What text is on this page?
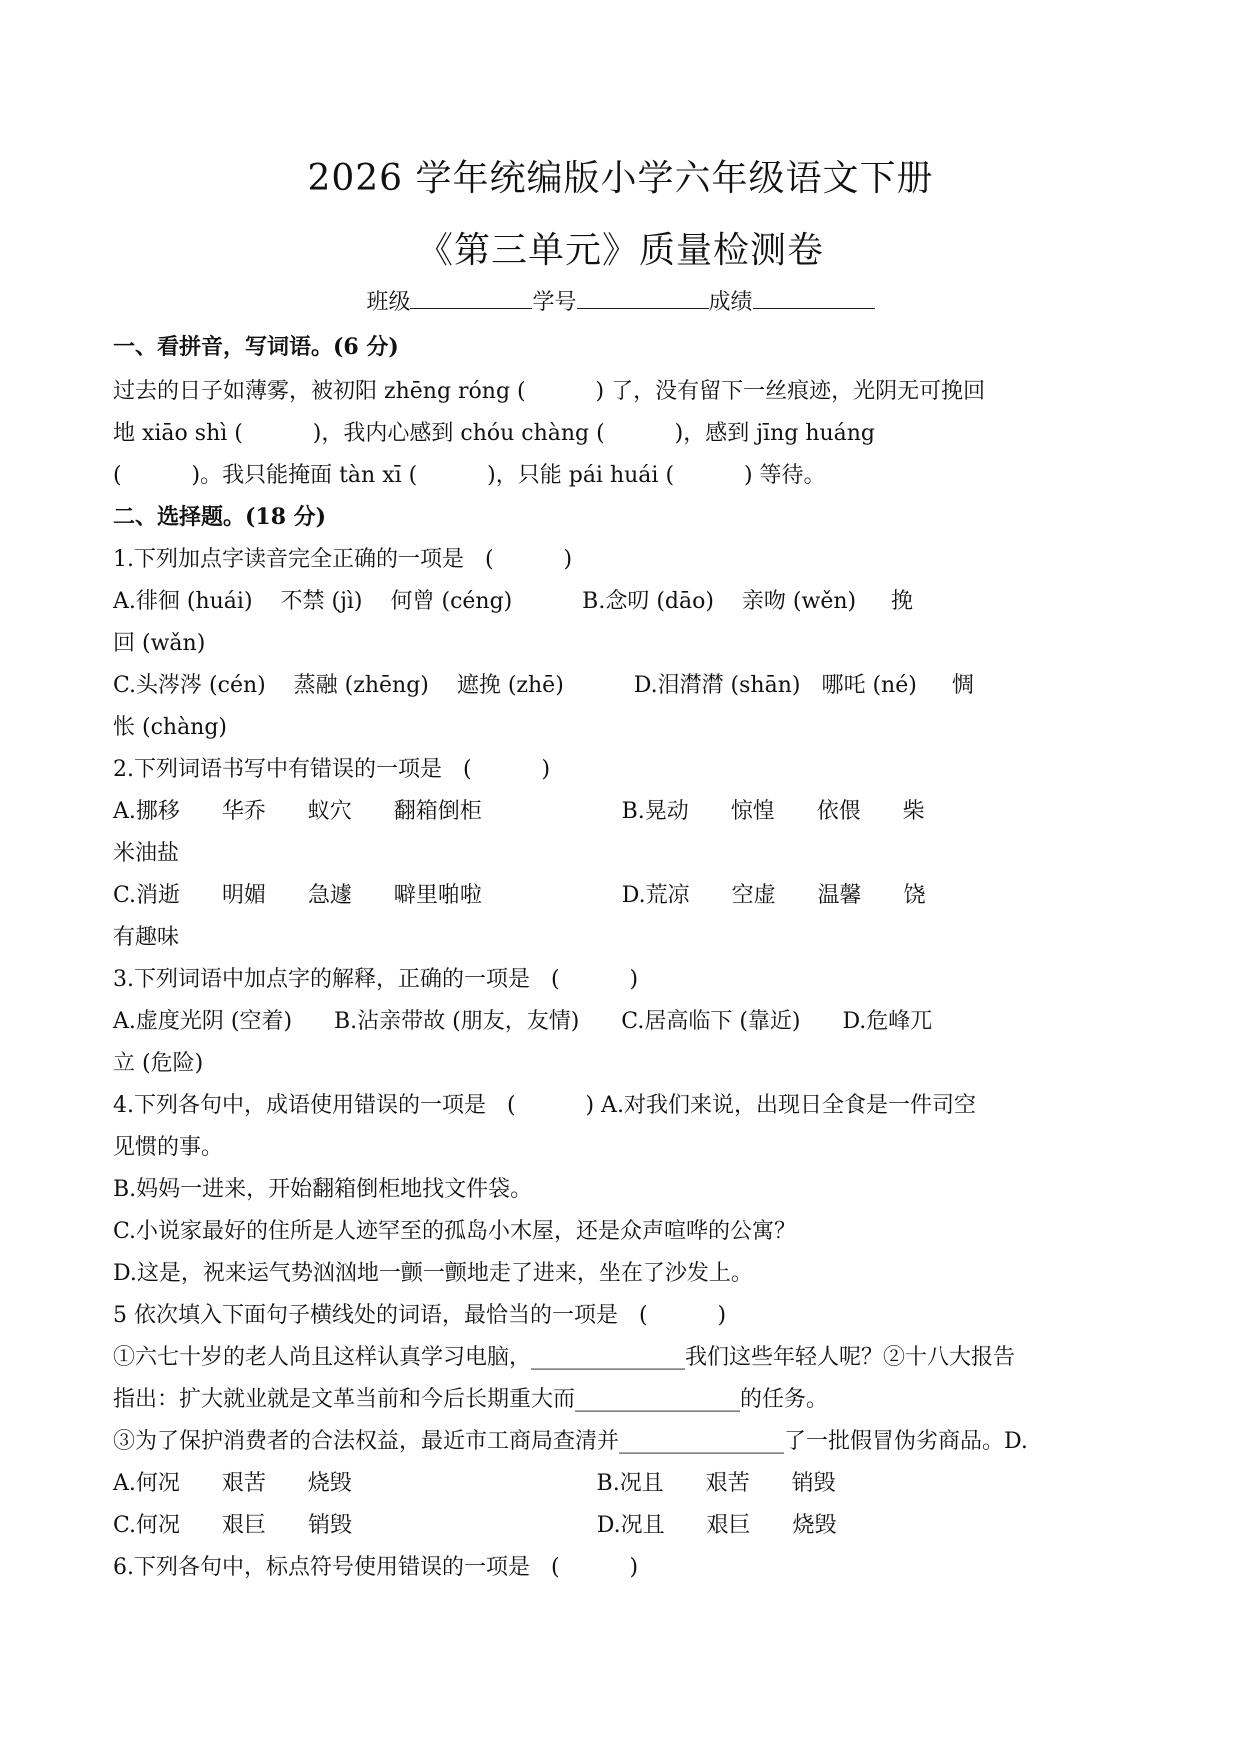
2026 学年统编版小学六年级语文下册
《第三单元》质量检测卷
班级	学号	成绩
一、看拼音，写词语。(6 分)
过去的日子如薄雾，被初阳 zhēng róng (          ) 了，没有留下一丝痕迹，光阴无可挽回
地 xiāo shì (          )，我内心感到 chóu chàng (          )，感到 jīng huáng
(          )。我只能掩面 tàn xī (          )，只能 pái huái (          ) 等待。
二、选择题。(18 分)
1.下列加点字读音完全正确的一项是   (          )
A.徘徊 (huái)    不禁 (jì)    何曾 (céng)          B.念叨 (dāo)    亲吻 (wěn)     挽
回 (wǎn)
C.头涔涔 (cén)    蒸融 (zhēng)    遮挽 (zhē)          D.泪潸潸 (shān)   哪吒 (né)     惆
怅 (chàng)
2.下列词语书写中有错误的一项是   (          )
A.挪移      华乔      蚁穴      翻箱倒柜                    B.晃动      惊惶      依偎      柴
米油盐
C.消逝      明媚      急遽      噼里啪啦                    D.荒凉      空虚      温馨      饶
有趣味
3.下列词语中加点字的解释，正确的一项是   (          )
A.虚度光阴 (空着)      B.沾亲带故 (朋友，友情)      C.居高临下 (靠近)      D.危峰兀
立 (危险)
4.下列各句中，成语使用错误的一项是   (          ) A.对我们来说，出现日全食是一件司空
见惯的事。
B.妈妈一进来，开始翻箱倒柜地找文件袋。
C.小说家最好的住所是人迹罕至的孤岛小木屋，还是众声喧哗的公寓？
D.这是，祝来运气势汹汹地一颤一颤地走了进来，坐在了沙发上。
5 依次填入下面句子横线处的词语，最恰当的一项是   (          )
①六七十岁的老人尚且这样认真学习电脑，______________我们这些年轻人呢？②十八大报告
指出：扩大就业就是文革当前和今后长期重大而_______________的任务。
③为了保护消费者的合法权益，最近市工商局查清并_______________了一批假冒伪劣商品。D.
A.何况      艰苦      烧毁                                   B.况且      艰苦      销毁
C.何况      艰巨      销毁                                   D.况且      艰巨      烧毁
6.下列各句中，标点符号使用错误的一项是   (          )
